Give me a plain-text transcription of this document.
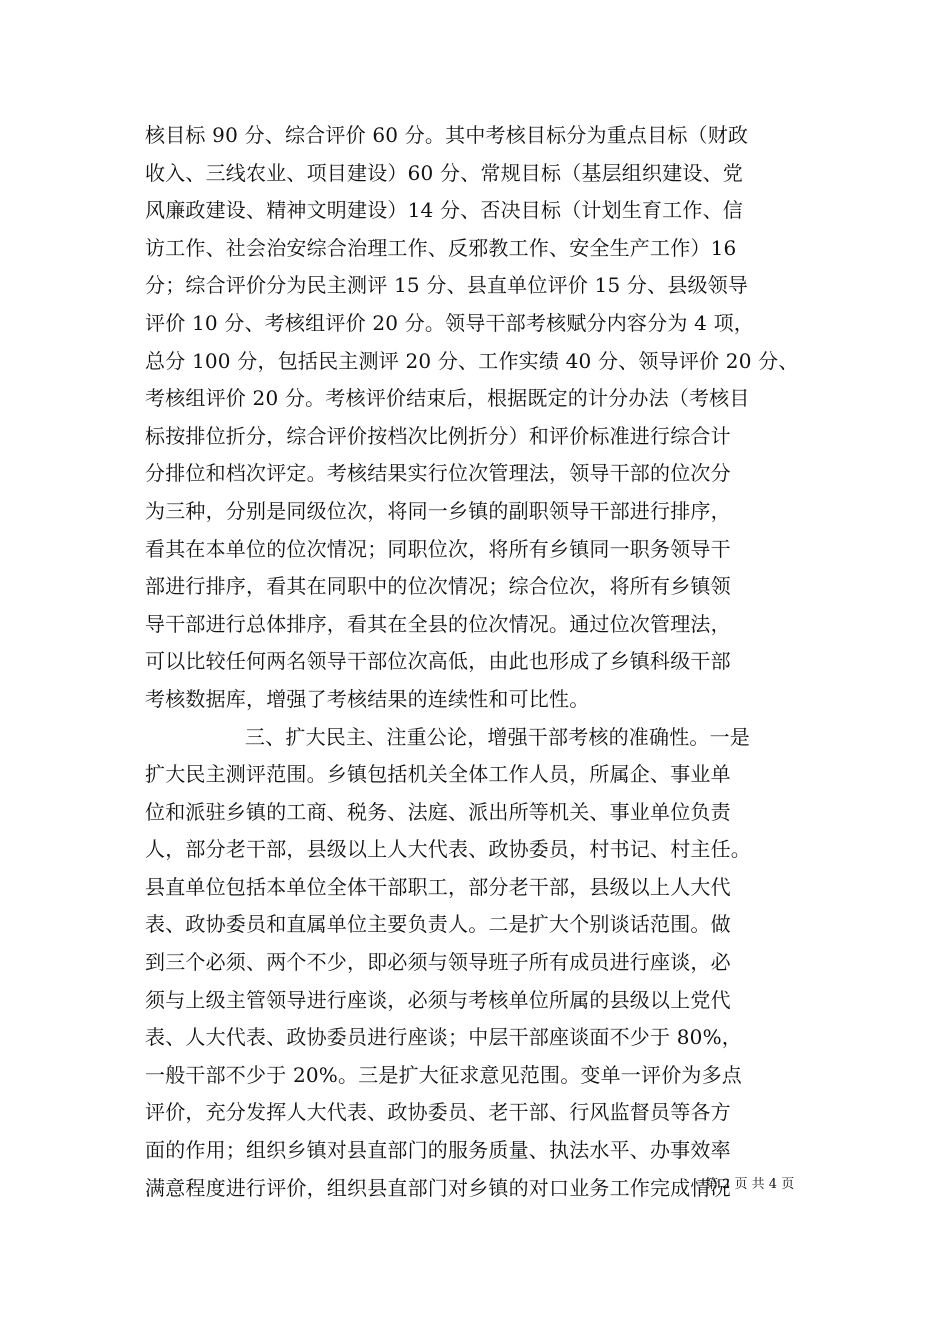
核目标 90 分、综合评价 60 分。其中考核目标分为重点目标（财政
收入、三线农业、项目建设）60 分、常规目标（基层组织建设、党
风廉政建设、精神文明建设）14 分、否决目标（计划生育工作、信
访工作、社会治安综合治理工作、反邪教工作、安全生产工作）16
分；综合评价分为民主测评 15 分、县直单位评价 15 分、县级领导
评价 10 分、考核组评价 20 分。领导干部考核赋分内容分为 4 项，
总分 100 分，包括民主测评 20 分、工作实绩 40 分、领导评价 20 分、
考核组评价 20 分。考核评价结束后，根据既定的计分办法（考核目
标按排位折分，综合评价按档次比例折分）和评价标准进行综合计
分排位和档次评定。考核结果实行位次管理法，领导干部的位次分
为三种，分别是同级位次，将同一乡镇的副职领导干部进行排序，
看其在本单位的位次情况；同职位次，将所有乡镇同一职务领导干
部进行排序，看其在同职中的位次情况；综合位次，将所有乡镇领
导干部进行总体排序，看其在全县的位次情况。通过位次管理法，
可以比较任何两名领导干部位次高低，由此也形成了乡镇科级干部
考核数据库，增强了考核结果的连续性和可比性。
三、扩大民主、注重公论，增强干部考核的准确性。一是
扩大民主测评范围。乡镇包括机关全体工作人员，所属企、事业单
位和派驻乡镇的工商、税务、法庭、派出所等机关、事业单位负责
人，部分老干部，县级以上人大代表、政协委员，村书记、村主任。
县直单位包括本单位全体干部职工，部分老干部，县级以上人大代
表、政协委员和直属单位主要负责人。二是扩大个别谈话范围。做
到三个必须、两个不少，即必须与领导班子所有成员进行座谈，必
须与上级主管领导进行座谈，必须与考核单位所属的县级以上党代
表、人大代表、政协委员进行座谈；中层干部座谈面不少于 80%，
一般干部不少于 20%。三是扩大征求意见范围。变单一评价为多点
评价，充分发挥人大代表、政协委员、老干部、行风监督员等各方
面的作用；组织乡镇对县直部门的服务质量、执法水平、办事效率
满意程度进行评价，组织县直部门对乡镇的对口业务工作完成情况
第 2 页 共 4 页
